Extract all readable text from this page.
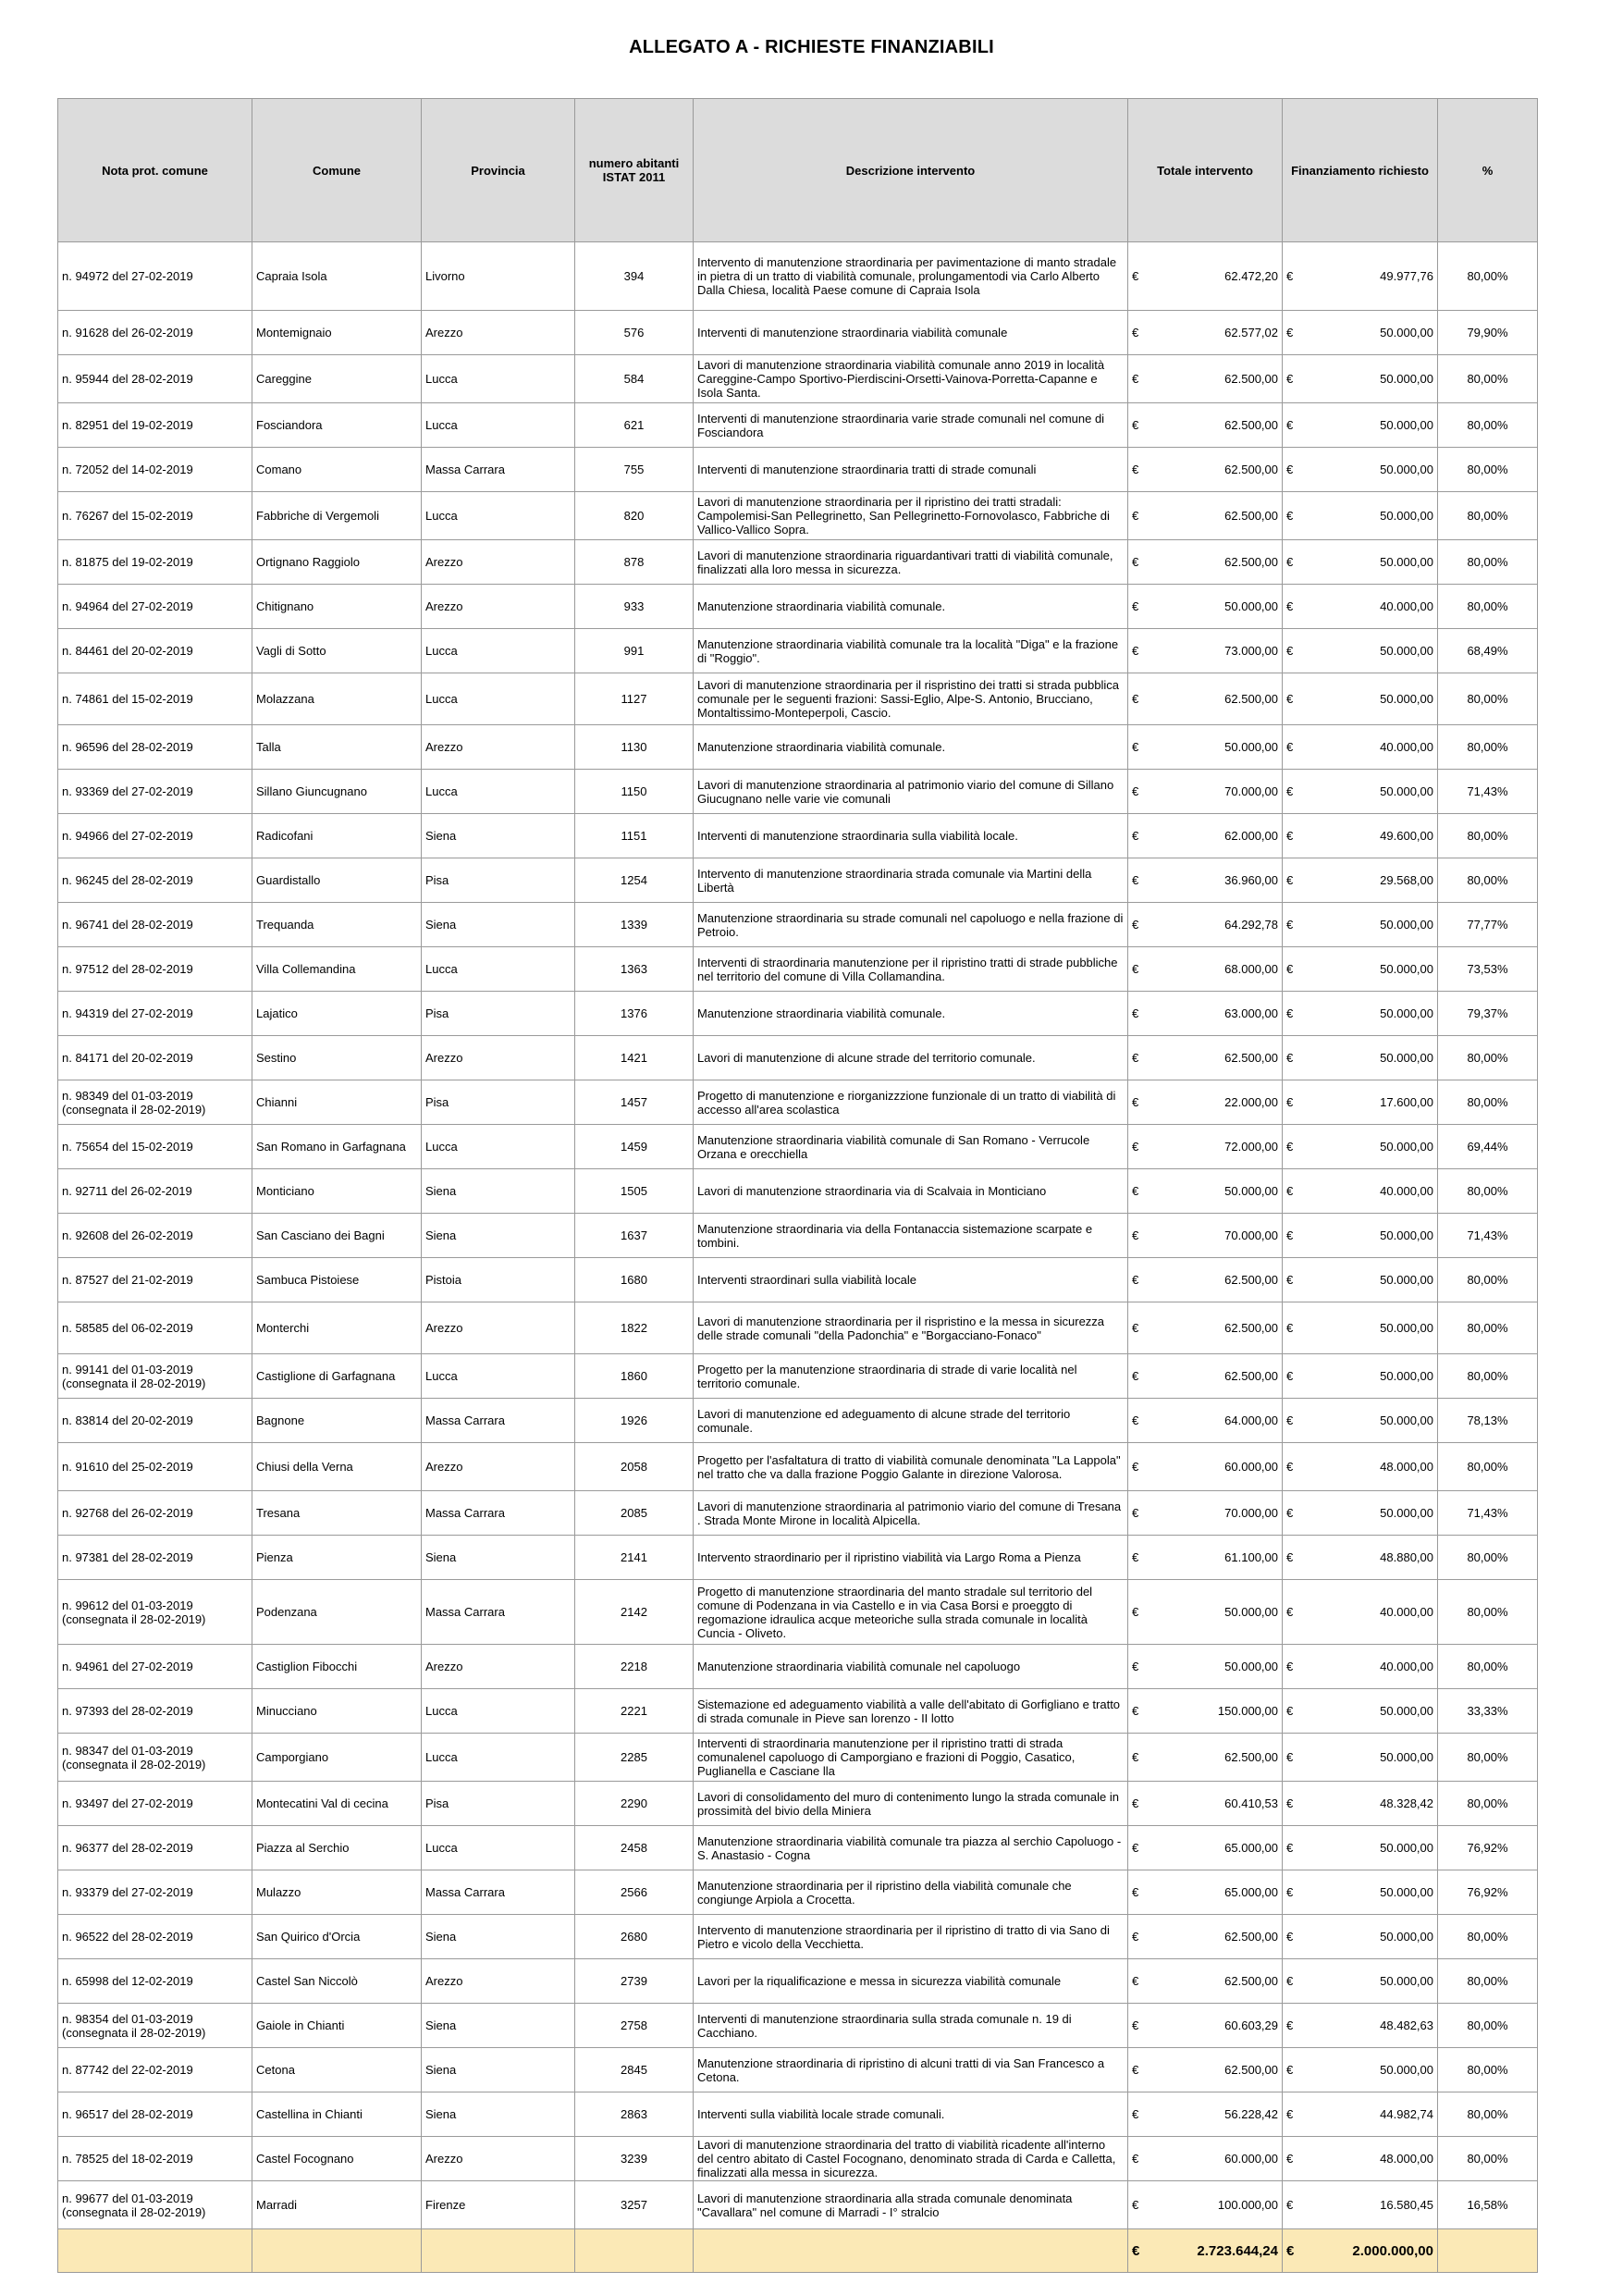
ALLEGATO A - RICHIESTE FINANZIABILI
Nota prot. comune	Comune	Provincia	numero abitanti ISTAT 2011	Descrizione intervento	Totale intervento	Finanziamento richiesto	%
n. 94972 del 27-02-2019	Capraia Isola	Livorno	394	Intervento di manutenzione straordinaria per pavimentazione di manto stradale in pietra di un tratto di viabilità comunale, prolungamentodi via Carlo Alberto Dalla Chiesa, località Paese comune di Capraia Isola	€ 62.472,20	€ 49.977,76	80,00%
n. 91628 del 26-02-2019	Montemignaio	Arezzo	576	Interventi di manutenzione straordinaria viabilità comunale	€ 62.577,02	€ 50.000,00	79,90%
n. 95944 del 28-02-2019	Careggine	Lucca	584	Lavori di manutenzione straordinaria viabilità comunale anno 2019 in località Careggine-Campo Sportivo-Pierdiscini-Orsetti-Vainova-Porretta-Capanne e Isola Santa.	€ 62.500,00	€ 50.000,00	80,00%
n. 82951 del 19-02-2019	Fosciandora	Lucca	621	Interventi di manutenzione straordinaria varie strade comunali nel comune di Fosciandora	€ 62.500,00	€ 50.000,00	80,00%
n. 72052 del 14-02-2019	Comano	Massa Carrara	755	Interventi di manutenzione straordinaria tratti di strade comunali	€ 62.500,00	€ 50.000,00	80,00%
n. 76267 del 15-02-2019	Fabbriche di Vergemoli	Lucca	820	Lavori di manutenzione straordinaria per il ripristino dei tratti stradali: Campolemisi-San Pellegrinetto, San Pellegrinetto-Fornovolasco, Fabbriche di Vallico-Vallico Sopra.	€ 62.500,00	€ 50.000,00	80,00%
n. 81875 del 19-02-2019	Ortignano Raggiolo	Arezzo	878	Lavori di manutenzione straordinaria riguardantivari tratti di viabilità comunale, finalizzati alla loro messa in sicurezza.	€ 62.500,00	€ 50.000,00	80,00%
n. 94964 del 27-02-2019	Chitignano	Arezzo	933	Manutenzione straordinaria viabilità comunale.	€ 50.000,00	€ 40.000,00	80,00%
n. 84461 del 20-02-2019	Vagli di Sotto	Lucca	991	Manutenzione straordinaria viabilità comunale tra la località "Diga" e la frazione di "Roggio".	€ 73.000,00	€ 50.000,00	68,49%
n. 74861 del 15-02-2019	Molazzana	Lucca	1127	Lavori di manutenzione straordinaria per il rispristino dei tratti si strada pubblica comunale per le seguenti frazioni: Sassi-Eglio, Alpe-S. Antonio, Brucciano, Montaltissimo-Monteperpoli, Cascio.	€ 62.500,00	€ 50.000,00	80,00%
n. 96596 del 28-02-2019	Talla	Arezzo	1130	Manutenzione straordinaria viabilità comunale.	€ 50.000,00	€ 40.000,00	80,00%
n. 93369 del 27-02-2019	Sillano Giuncugnano	Lucca	1150	Lavori di manutenzione straordinaria al patrimonio viario del comune di Sillano Giucugnano nelle varie vie comunali	€ 70.000,00	€ 50.000,00	71,43%
n. 94966 del 27-02-2019	Radicofani	Siena	1151	Interventi di manutenzione straordinaria sulla viabilità locale.	€ 62.000,00	€ 49.600,00	80,00%
n. 96245 del 28-02-2019	Guardistallo	Pisa	1254	Intervento di manutenzione straordinaria strada comunale via Martini della Libertà	€ 36.960,00	€ 29.568,00	80,00%
n. 96741 del 28-02-2019	Trequanda	Siena	1339	Manutenzione straordinaria su strade comunali nel capoluogo e nella frazione di Petroio.	€ 64.292,78	€ 50.000,00	77,77%
n. 97512 del 28-02-2019	Villa Collemandina	Lucca	1363	Interventi di straordinaria manutenzione per il ripristino tratti di strade pubbliche nel territorio del comune di Villa Collamandina.	€ 68.000,00	€ 50.000,00	73,53%
n. 94319 del 27-02-2019	Lajatico	Pisa	1376	Manutenzione straordinaria viabilità comunale.	€ 63.000,00	€ 50.000,00	79,37%
n. 84171 del 20-02-2019	Sestino	Arezzo	1421	Lavori di manutenzione di alcune strade del territorio comunale.	€ 62.500,00	€ 50.000,00	80,00%
n. 98349 del 01-03-2019 (consegnata il 28-02-2019)	Chianni	Pisa	1457	Progetto di manutenzione e riorganizzzione funzionale di un tratto di viabilità di accesso all'area scolastica	€ 22.000,00	€ 17.600,00	80,00%
n. 75654 del 15-02-2019	San Romano in Garfagnana	Lucca	1459	Manutenzione straordinaria viabilità comunale di San Romano - Verrucole Orzana e orecchiella	€ 72.000,00	€ 50.000,00	69,44%
n. 92711 del 26-02-2019	Monticiano	Siena	1505	Lavori di manutenzione straordinaria via di Scalvaia in Monticiano	€ 50.000,00	€ 40.000,00	80,00%
n. 92608 del 26-02-2019	San Casciano dei Bagni	Siena	1637	Manutenzione straordinaria via della Fontanaccia sistemazione scarpate e tombini.	€ 70.000,00	€ 50.000,00	71,43%
n. 87527 del 21-02-2019	Sambuca Pistoiese	Pistoia	1680	Interventi straordinari sulla viabilità locale	€ 62.500,00	€ 50.000,00	80,00%
n. 58585 del 06-02-2019	Monterchi	Arezzo	1822	Lavori di manutenzione straordinaria per il rispristino e la messa in sicurezza delle strade comunali "della Padonchia" e "Borgacciano-Fonaco"	€ 62.500,00	€ 50.000,00	80,00%
n. 99141 del 01-03-2019 (consegnata il 28-02-2019)	Castiglione di Garfagnana	Lucca	1860	Progetto per la manutenzione straordinaria di strade di varie località nel territorio comunale.	€ 62.500,00	€ 50.000,00	80,00%
n. 83814 del 20-02-2019	Bagnone	Massa Carrara	1926	Lavori di manutenzione ed adeguamento di alcune strade del territorio comunale.	€ 64.000,00	€ 50.000,00	78,13%
n. 91610 del 25-02-2019	Chiusi della Verna	Arezzo	2058	Progetto per l'asfaltatura di tratto di viabilità comunale denominata "La Lappola" nel tratto che va dalla frazione Poggio Galante in direzione Valorosa.	€ 60.000,00	€ 48.000,00	80,00%
n. 92768 del 26-02-2019	Tresana	Massa Carrara	2085	Lavori di manutenzione straordinaria al patrimonio viario del comune di Tresana . Strada Monte Mirone in località Alpicella.	€ 70.000,00	€ 50.000,00	71,43%
n. 97381 del 28-02-2019	Pienza	Siena	2141	Intervento straordinario per il ripristino viabilità via Largo Roma a Pienza	€ 61.100,00	€ 48.880,00	80,00%
n. 99612 del 01-03-2019 (consegnata il 28-02-2019)	Podenzana	Massa Carrara	2142	Progetto di manutenzione straordinaria del manto stradale sul territorio del comune di Podenzana in via Castello e in via Casa Borsi e proeggto di regomazione idraulica acque meteoriche sulla strada comunale in località Cuncia - Oliveto.	€ 50.000,00	€ 40.000,00	80,00%
n. 94961 del 27-02-2019	Castiglion Fibocchi	Arezzo	2218	Manutenzione straordinaria viabilità comunale nel capoluogo	€ 50.000,00	€ 40.000,00	80,00%
n. 97393 del 28-02-2019	Minucciano	Lucca	2221	Sistemazione ed adeguamento viabilità a valle dell'abitato di Gorfigliano e tratto di strada comunale in Pieve san lorenzo - II lotto	€ 150.000,00	€ 50.000,00	33,33%
n. 98347 del 01-03-2019 (consegnata il 28-02-2019)	Camporgiano	Lucca	2285	Interventi di straordinaria manutenzione per il ripristino tratti di strada comunalenel capoluogo di Camporgiano e frazioni di Poggio, Casatico, Puglianella e Casciane lla	€ 62.500,00	€ 50.000,00	80,00%
n. 93497 del 27-02-2019	Montecatini Val di cecina	Pisa	2290	Lavori di consolidamento del muro di contenimento lungo la strada comunale in prossimità del bivio della Miniera	€ 60.410,53	€ 48.328,42	80,00%
n. 96377 del 28-02-2019	Piazza al Serchio	Lucca	2458	Manutenzione straordinaria viabilità comunale tra piazza al serchio Capoluogo - S. Anastasio - Cogna	€ 65.000,00	€ 50.000,00	76,92%
n. 93379 del 27-02-2019	Mulazzo	Massa Carrara	2566	Manutenzione straordinaria per il ripristino della viabilità comunale che congiunge Arpiola a Crocetta.	€ 65.000,00	€ 50.000,00	76,92%
n. 96522 del 28-02-2019	San Quirico d'Orcia	Siena	2680	Intervento di manutenzione straordinaria per il ripristino di tratto di via Sano di Pietro e vicolo della Vecchietta.	€ 62.500,00	€ 50.000,00	80,00%
n. 65998 del 12-02-2019	Castel San Niccolò	Arezzo	2739	Lavori per la riqualificazione e messa in sicurezza viabilità comunale	€ 62.500,00	€ 50.000,00	80,00%
n. 98354 del 01-03-2019 (consegnata il 28-02-2019)	Gaiole in Chianti	Siena	2758	Interventi di manutenzione straordinaria sulla strada comunale n. 19 di Cacchiano.	€ 60.603,29	€ 48.482,63	80,00%
n. 87742 del 22-02-2019	Cetona	Siena	2845	Manutenzione straordinaria di ripristino di alcuni tratti di via San Francesco a Cetona.	€ 62.500,00	€ 50.000,00	80,00%
n. 96517 del 28-02-2019	Castellina in Chianti	Siena	2863	Interventi sulla viabilità locale strade comunali.	€ 56.228,42	€ 44.982,74	80,00%
n. 78525 del 18-02-2019	Castel Focognano	Arezzo	3239	Lavori di manutenzione straordinaria del tratto di viabilità ricadente all'interno del centro abitato di Castel Focognano, denominato strada di Carda e Calletta, finalizzati alla messa in sicurezza.	€ 60.000,00	€ 48.000,00	80,00%
n. 99677 del 01-03-2019 (consegnata il 28-02-2019)	Marradi	Firenze	3257	Lavori di manutenzione straordinaria alla strada comunale denominata "Cavallara" nel comune di Marradi - I° stralcio	€ 100.000,00	€ 16.580,45	16,58%

					€ 2.723.644,24	€ 2.000.000,00	
